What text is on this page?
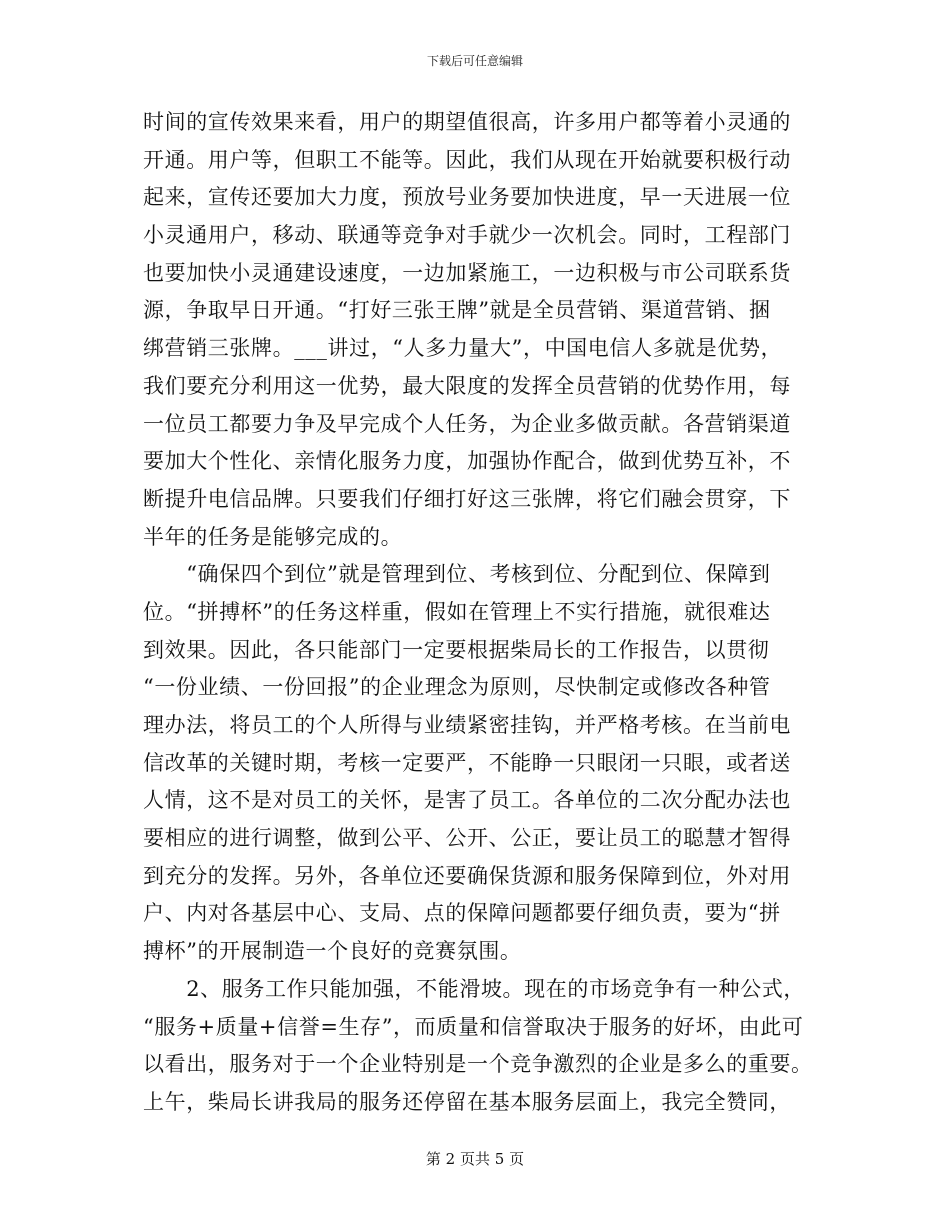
下载后可任意编辑
时间的宣传效果来看，用户的期望值很高，许多用户都等着小灵通的
开通。用户等，但职工不能等。因此，我们从现在开始就要积极行动
起来，宣传还要加大力度，预放号业务要加快进度，早一天进展一位
小灵通用户，移动、联通等竞争对手就少一次机会。同时，工程部门
也要加快小灵通建设速度，一边加紧施工，一边积极与市公司联系货
源，争取早日开通。“打好三张王牌”就是全员营销、渠道营销、捆
绑营销三张牌。___讲过，“人多力量大”，中国电信人多就是优势，
我们要充分利用这一优势，最大限度的发挥全员营销的优势作用，每
一位员工都要力争及早完成个人任务，为企业多做贡献。各营销渠道
要加大个性化、亲情化服务力度，加强协作配合，做到优势互补，不
断提升电信品牌。只要我们仔细打好这三张牌，将它们融会贯穿，下
半年的任务是能够完成的。
　　“确保四个到位”就是管理到位、考核到位、分配到位、保障到
位。“拼搏杯”的任务这样重，假如在管理上不实行措施，就很难达
到效果。因此，各只能部门一定要根据柴局长的工作报告，以贯彻
“一份业绩、一份回报”的企业理念为原则，尽快制定或修改各种管
理办法，将员工的个人所得与业绩紧密挂钩，并严格考核。在当前电
信改革的关键时期，考核一定要严，不能睁一只眼闭一只眼，或者送
人情，这不是对员工的关怀，是害了员工。各单位的二次分配办法也
要相应的进行调整，做到公平、公开、公正，要让员工的聪慧才智得
到充分的发挥。另外，各单位还要确保货源和服务保障到位，外对用
户、内对各基层中心、支局、点的保障问题都要仔细负责，要为“拼
搏杯”的开展制造一个良好的竞赛氛围。
　　2、服务工作只能加强，不能滑坡。现在的市场竞争有一种公式，
“服务+质量+信誉=生存”，而质量和信誉取决于服务的好坏，由此可
以看出，服务对于一个企业特别是一个竞争激烈的企业是多么的重要。
上午，柴局长讲我局的服务还停留在基本服务层面上，我完全赞同，
第 2 页共 5 页
